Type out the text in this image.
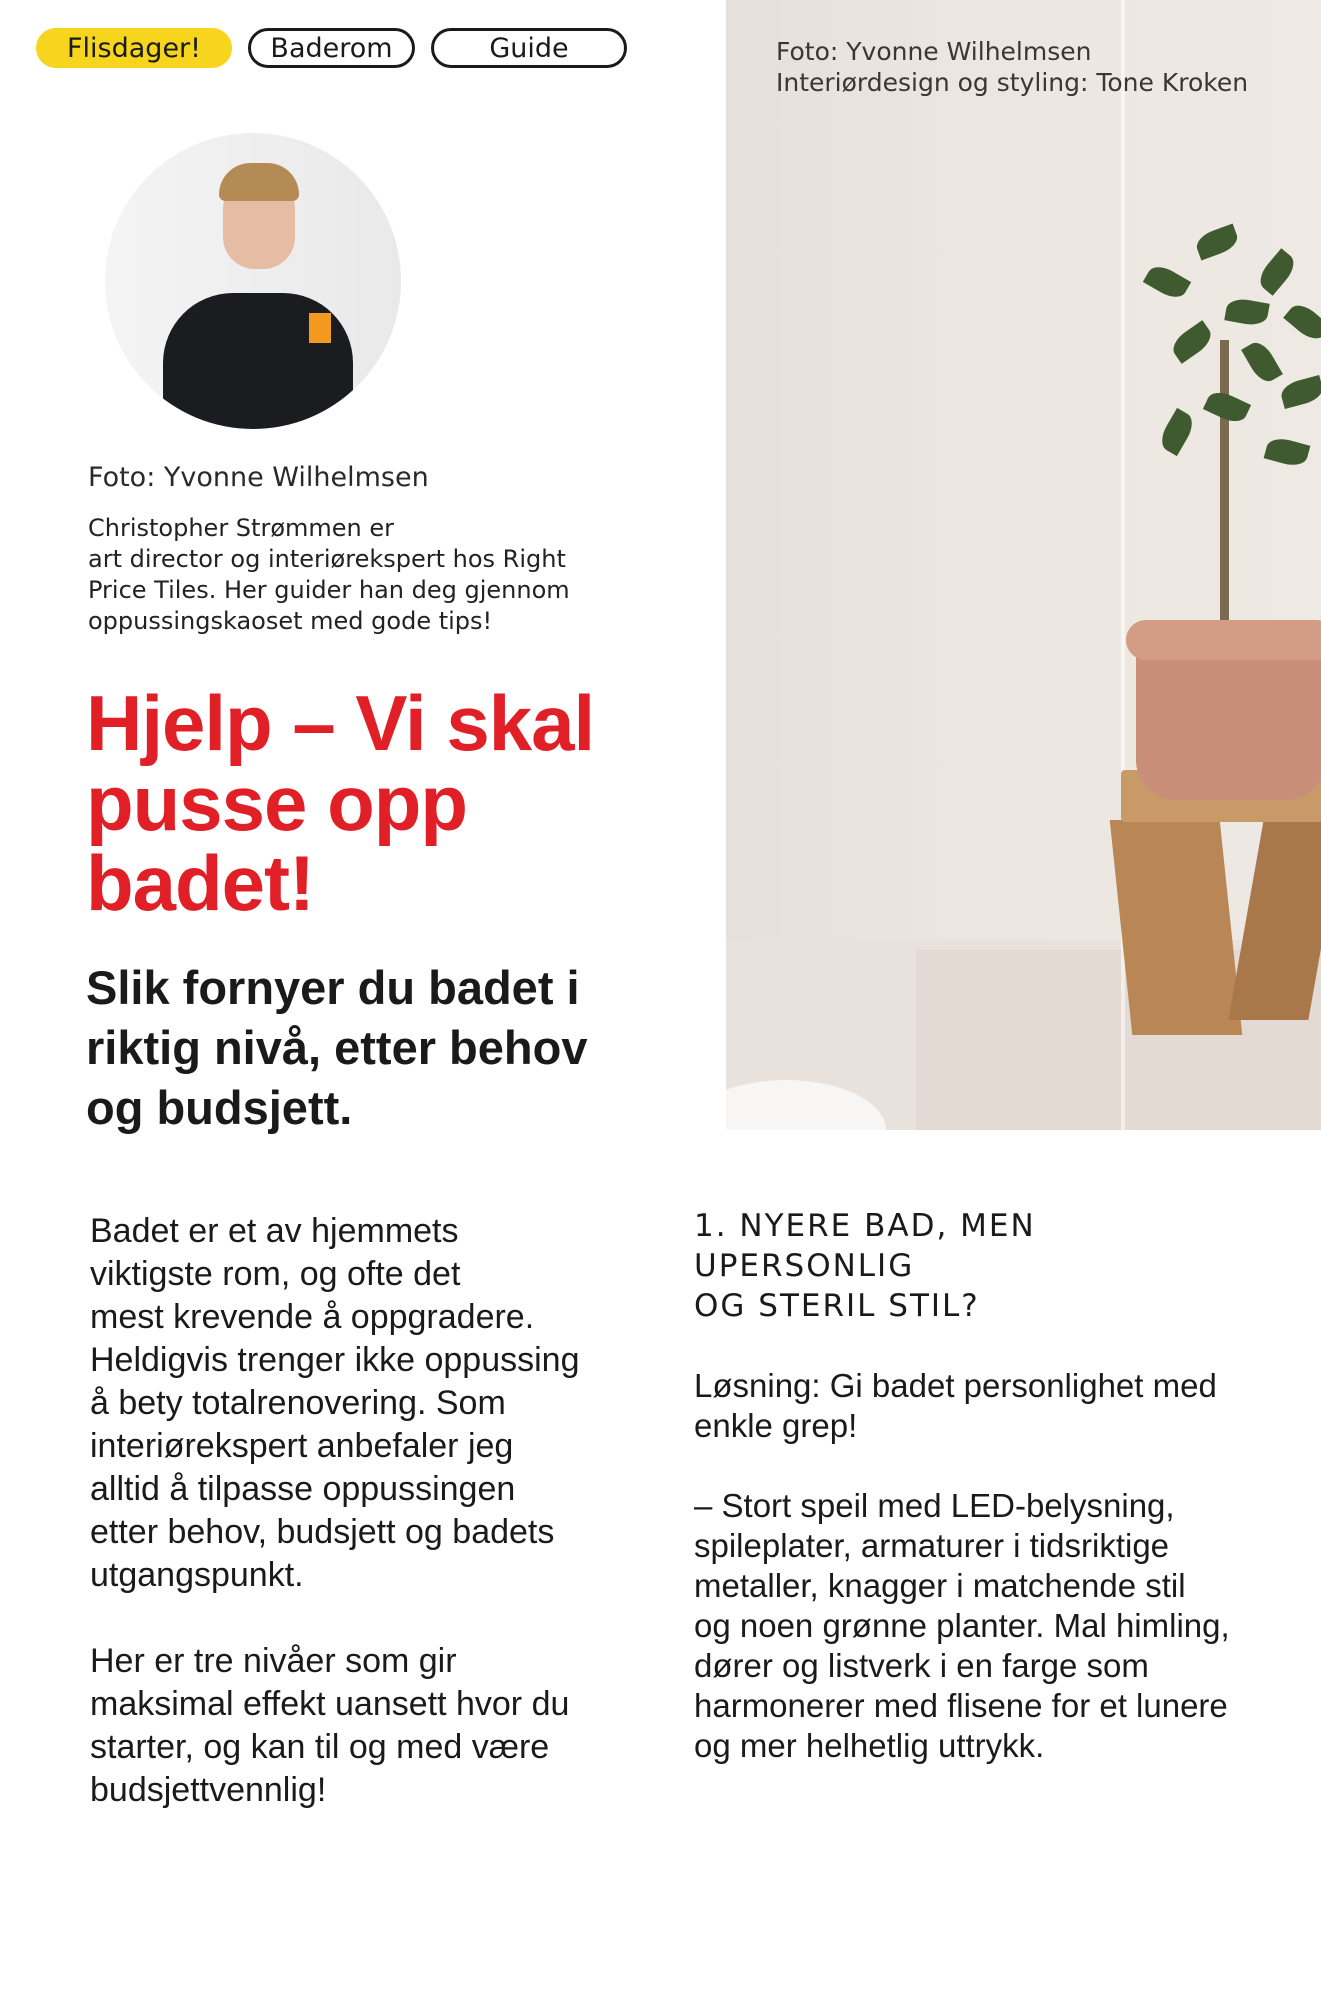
Flisdager!	Baderom	Guide	Foto: Yvonne Wilhelmsen
Interiørdesign og styling: Tone Kroken
Foto: Yvonne Wilhelmsen
Christopher Strømmen er
art director og interiørekspert hos Right
Price Tiles. Her guider han deg gjennom
oppussingskaoset med gode tips!
Hjelp – Vi skal
pusse opp
badet!
Slik fornyer du badet i
riktig nivå, etter behov
og budsjett.

Badet er et av hjemmets
viktigste rom, og ofte det
mest krevende å oppgradere.
Heldigvis trenger ikke oppussing
å bety totalrenovering. Som
interiørekspert anbefaler jeg
alltid å tilpasse oppussingen
etter behov, budsjett og badets
utgangspunkt.

Her er tre nivåer som gir
maksimal effekt uansett hvor du
starter, og kan til og med være
budsjettvennlig!

1. NYERE BAD, MEN
UPERSONLIG
OG STERIL STIL?

Løsning: Gi badet personlighet med
enkle grep!

– Stort speil med LED-belysning,
spileplater, armaturer i tidsriktige
metaller, knagger i matchende stil
og noen grønne planter. Mal himling,
dører og listverk i en farge som
harmonerer med flisene for et lunere
og mer helhetlig uttrykk.
